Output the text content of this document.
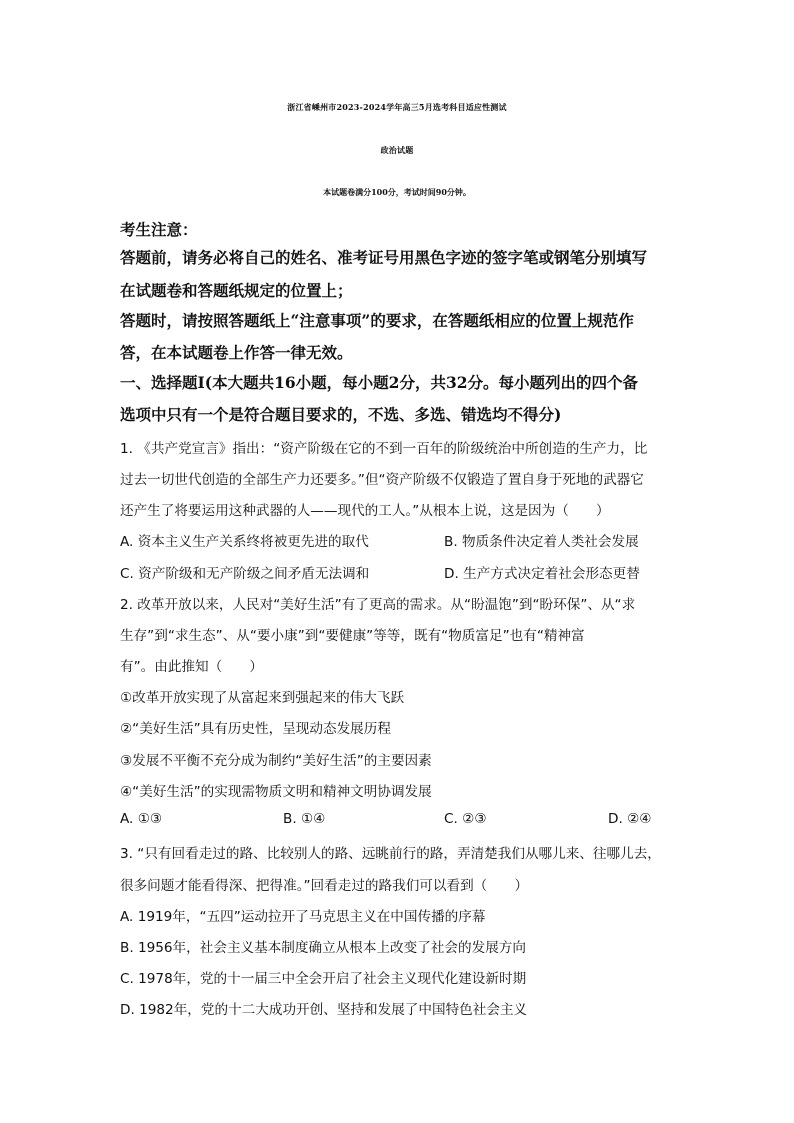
浙江省嵊州市2023-2024学年高三5月选考科目适应性测试
政治试题
本试题卷满分100分，考试时间90分钟。
考生注意：
答题前，请务必将自己的姓名、准考证号用黑色字迹的签字笔或钢笔分别填写
在试题卷和答题纸规定的位置上；
答题时，请按照答题纸上“注意事项”的要求，在答题纸相应的位置上规范作
答，在本试题卷上作答一律无效。
一、选择题Ⅰ(本大题共16小题，每小题2分，共32分。每小题列出的四个备
选项中只有一个是符合题目要求的，不选、多选、错选均不得分)
1. 《共产党宣言》指出：“资产阶级在它的不到一百年的阶级统治中所创造的生产力，比
过去一切世代创造的全部生产力还要多。”但“资产阶级不仅锻造了置自身于死地的武器它
还产生了将要运用这种武器的人——现代的工人。”从根本上说，这是因为（　　）
A. 资本主义生产关系终将被更先进的取代	B. 物质条件决定着人类社会发展
C. 资产阶级和无产阶级之间矛盾无法调和	D. 生产方式决定着社会形态更替
2. 改革开放以来，人民对“美好生活”有了更高的需求。从“盼温饱”到“盼环保”、从“求
生存”到“求生态”、从“要小康”到“要健康”等等，既有“物质富足”也有“精神富
有”。由此推知（　　）
①改革开放实现了从富起来到强起来的伟大飞跃
②“美好生活”具有历史性，呈现动态发展历程
③发展不平衡不充分成为制约“美好生活”的主要因素
④“美好生活”的实现需物质文明和精神文明协调发展
A. ①③	B. ①④	C. ②③	D. ②④
3. “只有回看走过的路、比较别人的路、远眺前行的路，弄清楚我们从哪儿来、往哪儿去，
很多问题才能看得深、把得准。”回看走过的路我们可以看到（　　）
A. 1919年，“五四”运动拉开了马克思主义在中国传播的序幕
B. 1956年，社会主义基本制度确立从根本上改变了社会的发展方向
C. 1978年，党的十一届三中全会开启了社会主义现代化建设新时期
D. 1982年，党的十二大成功开创、坚持和发展了中国特色社会主义
